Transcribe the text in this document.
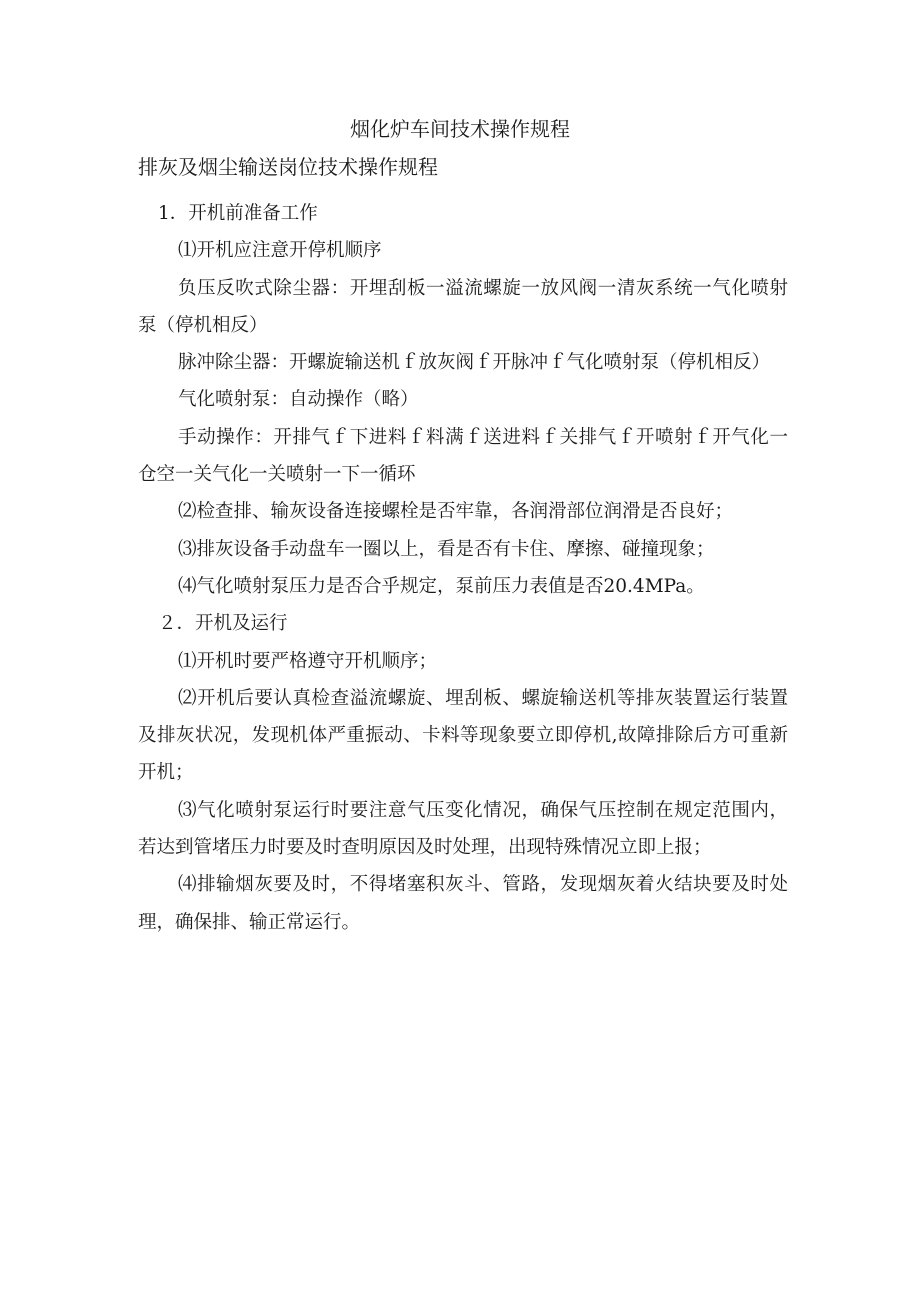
烟化炉车间技术操作规程
排灰及烟尘输送岗位技术操作规程

1．开机前准备工作

⑴开机应注意开停机顺序

负压反吹式除尘器：开埋刮板一溢流螺旋一放风阀一清灰系统一气化喷射泵（停机相反）

脉冲除尘器：开螺旋输送机ｆ放灰阀ｆ开脉冲ｆ气化喷射泵（停机相反）

气化喷射泵：自动操作（略）

手动操作：开排气ｆ下进料ｆ料满ｆ送进料ｆ关排气ｆ开喷射ｆ开气化一仓空一关气化一关喷射一下一循环

⑵检查排、输灰设备连接螺栓是否牢靠，各润滑部位润滑是否良好；

⑶排灰设备手动盘车一圈以上，看是否有卡住、摩擦、碰撞现象；

⑷气化喷射泵压力是否合乎规定，泵前压力表值是否20.4MPa。

２．开机及运行

⑴开机时要严格遵守开机顺序；

⑵开机后要认真检查溢流螺旋、埋刮板、螺旋输送机等排灰装置运行装置及排灰状况，发现机体严重振动、卡料等现象要立即停机,故障排除后方可重新开机；

⑶气化喷射泵运行时要注意气压变化情况，确保气压控制在规定范围内，若达到管堵压力时要及时查明原因及时处理，出现特殊情况立即上报；

⑷排输烟灰要及时，不得堵塞积灰斗、管路，发现烟灰着火结块要及时处理，确保排、输正常运行。
